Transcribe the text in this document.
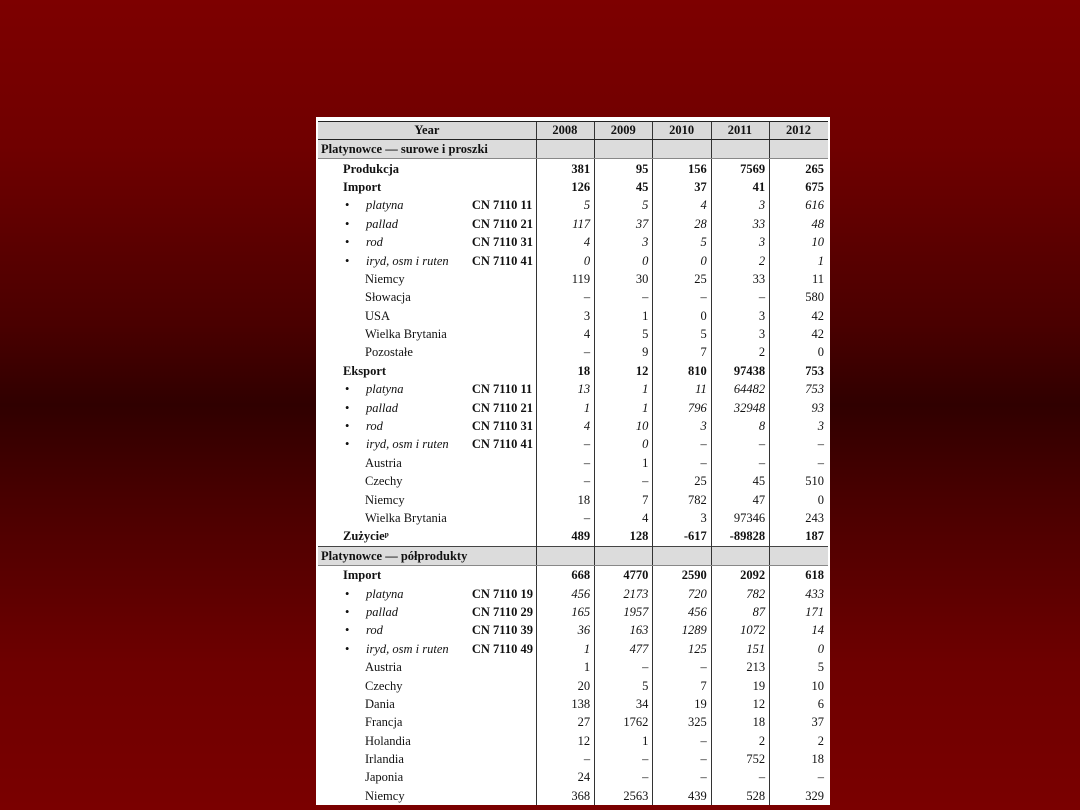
Year		2008	2009	2010	2011	2012
Platynowce — surowe i proszki						
Produkcja		381	95	156	7569	265
Import		126	45	37	41	675
• platyna	CN 7110 11	5	5	4	3	616
• pallad	CN 7110 21	117	37	28	33	48
• rod	CN 7110 31	4	3	5	3	10
• iryd, osm i ruten	CN 7110 41	0	0	0	2	1
Niemcy		119	30	25	33	11
Słowacja		–	–	–	–	580
USA		3	1	0	3	42
Wielka Brytania		4	5	5	3	42
Pozostałe		–	9	7	2	0
Eksport		18	12	810	97438	753
• platyna	CN 7110 11	13	1	11	64482	753
• pallad	CN 7110 21	1	1	796	32948	93
• rod	CN 7110 31	4	10	3	8	3
• iryd, osm i ruten	CN 7110 41	–	0	–	–	–
Austria		–	1	–	–	–
Czechy		–	–	25	45	510
Niemcy		18	7	782	47	0
Wielka Brytania		–	4	3	97346	243
Zużycieᵖ		489	128	-617	-89828	187
Platynowce — półprodukty						
Import		668	4770	2590	2092	618
• platyna	CN 7110 19	456	2173	720	782	433
• pallad	CN 7110 29	165	1957	456	87	171
• rod	CN 7110 39	36	163	1289	1072	14
• iryd, osm i ruten	CN 7110 49	1	477	125	151	0
Austria		1	–	–	213	5
Czechy		20	5	7	19	10
Dania		138	34	19	12	6
Francja		27	1762	325	18	37
Holandia		12	1	–	2	2
Irlandia		–	–	–	752	18
Japonia		24	–	–	–	–
Niemcy		368	2563	439	528	329
